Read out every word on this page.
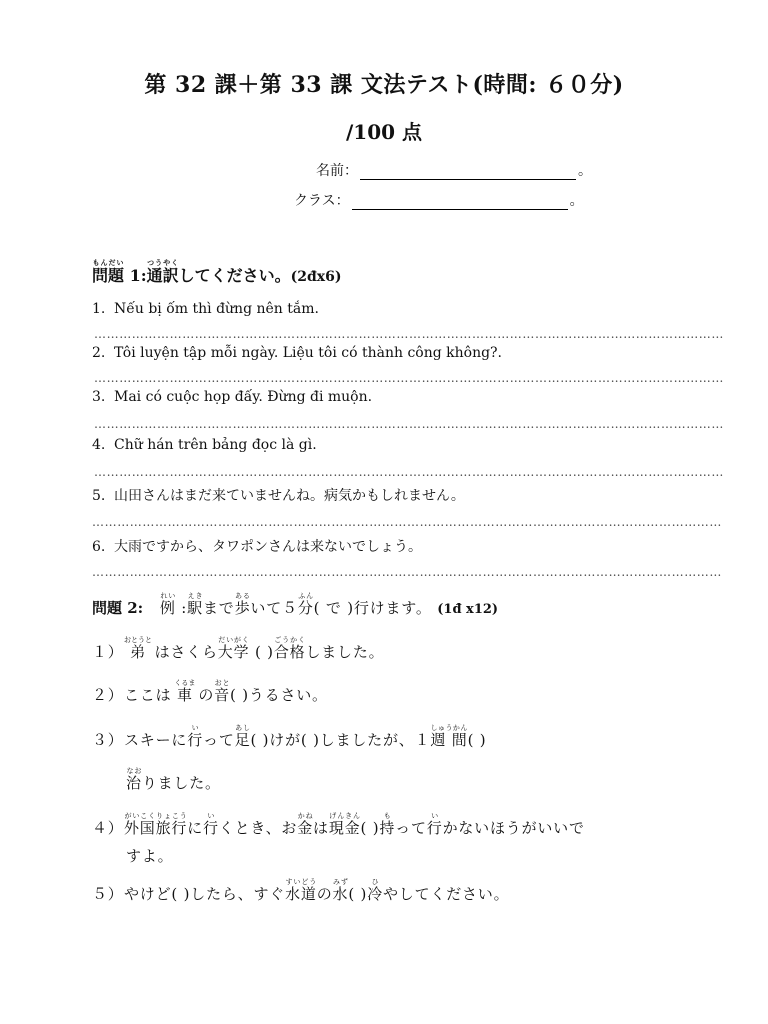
第 32 課＋第 33 課 文法テスト(時間: ６０分)
/100 点
名前：	。
クラス：	。
問題もんだい 1:通訳つうやくしてください。(2đx6)
1. Nếu bị ốm thì đừng nên tắm.
……………………………………………………………………………………………………………………………………
2. Tôi luyện tập mỗi ngày. Liệu tôi có thành công không?.
……………………………………………………………………………………………………………………………………
3. Mai có cuộc họp đấy. Đừng đi muộn.
……………………………………………………………………………………………………………………………………
4. Chữ hán trên bảng đọc là gì.
……………………………………………………………………………………………………………………………………
5. 山田さんはまだ来ていませんね。病気かもしれません。
……………………………………………………………………………………………………………………………………
6. 大雨ですから、タワポンさんは来ないでしょう。
……………………………………………………………………………………………………………………………………
問題 2: 例れい :駅えきまで歩あるいて５分ふん( で )行けます。 (1đ x12)
１）弟おとうと はさくら大学だいがく ( )合格ごうかくしました。
２）ここは 車くるま の音おと( )うるさい。
３）スキーに行いって足あし( )けが( )しましたが、１週 間しゅうかん( )
治なおりました。
４）外国旅行がいこくりょこうに行いくとき、お金かねは現金げんきん( )持もって行いかないほうがいいで
すよ。
５）やけど( )したら、すぐ水道すいどうの水みず( )冷ひやしてください。
